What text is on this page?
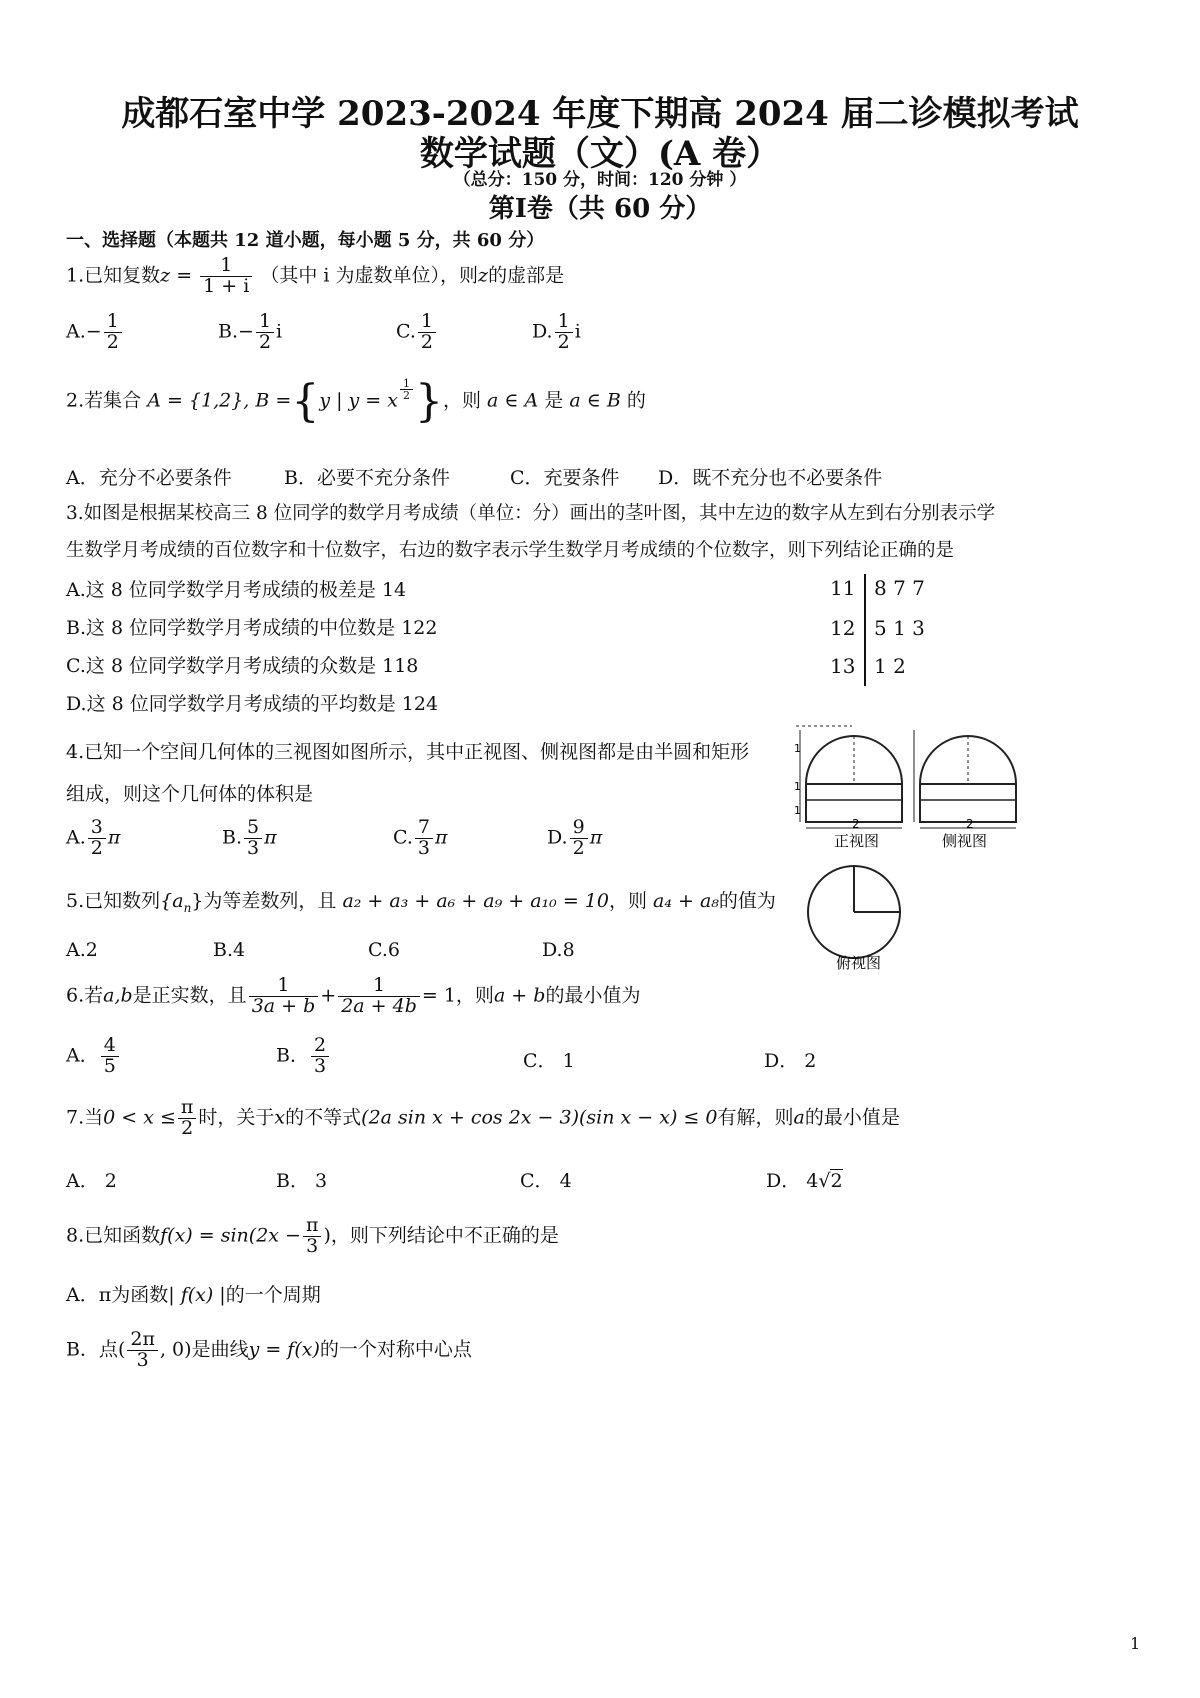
成都石室中学 2023-2024 年度下期高 2024 届二诊模拟考试
数学试题（文）(A 卷）
（总分：150 分，时间：120 分钟 ）
第Ⅰ卷（共 60 分）
一、选择题（本题共 12 道小题，每小题 5 分，共 60 分）
1.已知复数$z = \frac{1}{1 + i}$ （其中 i 为虚数单位），则z的虚部是
$A.- \frac{1}{2}$	$B.- \frac{1}{2}$ i	C. $\frac{1}{2}$	D. $\frac{1}{2}$ i
2.若集合 A = {1,2}, B ={y | y = x $\frac{1}{2}$ }，则 a ∈ A 是 a ∈ B 的
A．充分不必要条件	B．必要不充分条件	C．充要条件 D．既不充分也不必要条件
3.如图是根据某校高三 8 位同学的数学月考成绩（单位：分）画出的茎叶图，其中左边的数字从左到右分别表示学
生数学月考成绩的百位数字和十位数字，右边的数字表示学生数学月考成绩的个位数字，则下列结论正确的是
A.这 8 位同学数学月考成绩的极差是 14
B.这 8 位同学数学月考成绩的中位数是 122
C.这 8 位同学数学月考成绩的众数是 118
D.这 8 位同学数学月考成绩的平均数是 124
11 8 7 7
12 5 1 3
13 1 2
4.已知一个空间几何体的三视图如图所示，其中正视图、侧视图都是由半圆和矩形
组成，则这个几何体的体积是
A. $\frac{3}{2}$ π	B. $\frac{5}{3}$ π	C. $\frac{7}{3}$ π	D. $\frac{9}{2}$ π
2	2
1
1
1
正视图	侧视图
俯视图
5.已知数列$\{a_n\}$为等差数列，且 a₂ + a₃ + a₆ + a₉ + a₁₀ = 10，则 a₄ + a₈的值为
A.2	B.4	C.6	D.8
6.若a,b是正实数，且 $\frac{1}{3a + b} + \frac{1}{2a + 4b} = 1$，则a + b的最小值为
A． $\frac{4}{5}$	B． $\frac{2}{3}$	C． 1	D． 2
7.当$0 < x \le \frac{\pi}{2}$ 时，关于x的不等式(2a sin x + cos 2x − 3)(sin x − x) ≤ 0有解，则a的最小值是
A． 2	B． 3	C． 4	D． 4√2
8.已知函数$f(x) = \sin(2x - \frac{\pi}{3}$ )，则下列结论中不正确的是
A．π为函数| f(x) |的一个周期
B．点( $\frac{2\pi}{3}$ , 0)是曲线y = f(x)的一个对称中心点
1
